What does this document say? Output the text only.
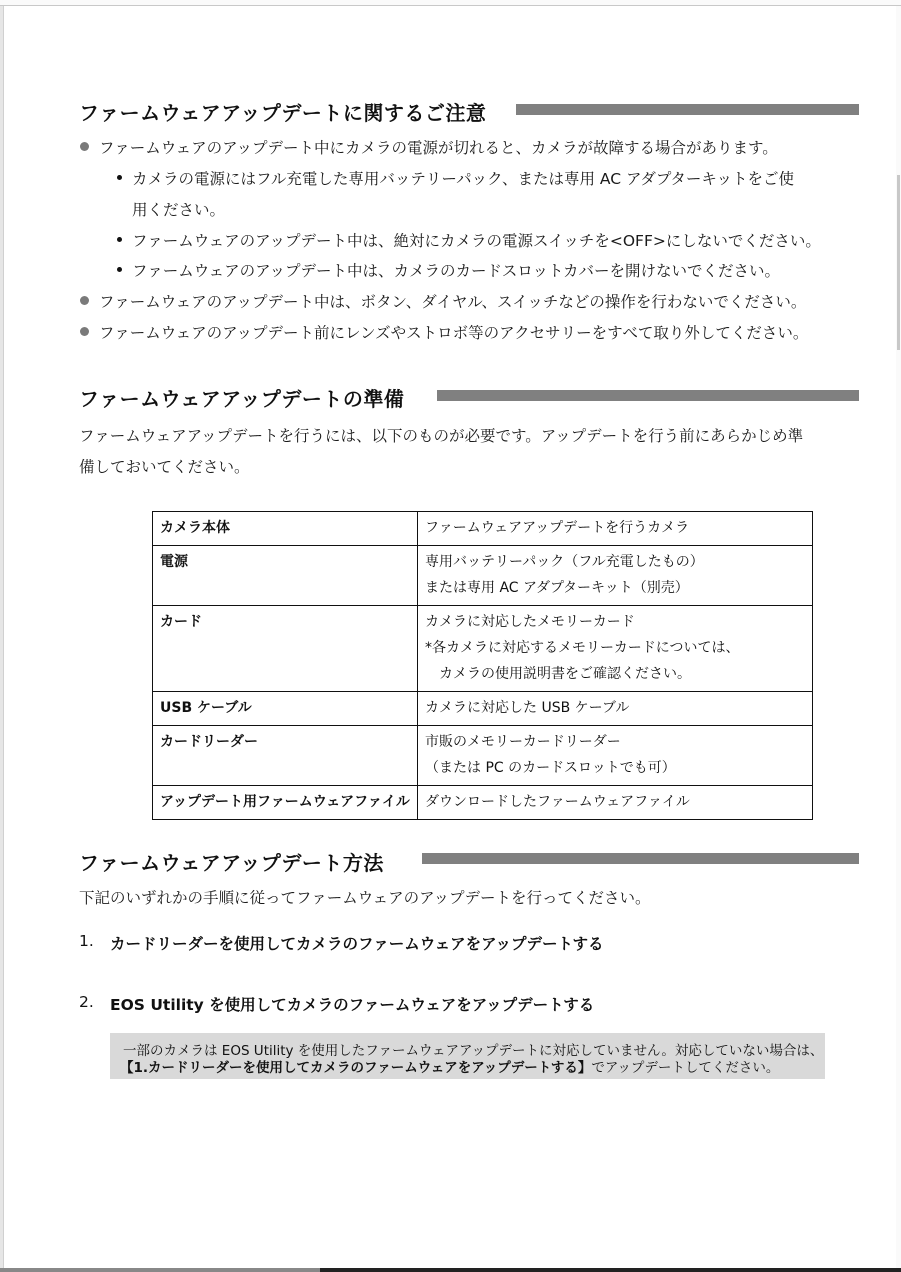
ファームウェアアップデートに関するご注意
ファームウェアのアップデート中にカメラの電源が切れると、カメラが故障する場合があります。
カメラの電源にはフル充電した専用バッテリーパック、または専用 AC アダプターキットをご使
用ください。
ファームウェアのアップデート中は、絶対にカメラの電源スイッチを<OFF>にしないでください。
ファームウェアのアップデート中は、カメラのカードスロットカバーを開けないでください。
ファームウェアのアップデート中は、ボタン、ダイヤル、スイッチなどの操作を行わないでください。
ファームウェアのアップデート前にレンズやストロボ等のアクセサリーをすべて取り外してください。
ファームウェアアップデートの準備
ファームウェアアップデートを行うには、以下のものが必要です。アップデートを行う前にあらかじめ準
備しておいてください。
カメラ本体	ファームウェアアップデートを行うカメラ

電源	専用バッテリーパック（フル充電したもの）
または専用 AC アダプターキット（別売）

カード	カメラに対応したメモリーカード
*各カメラに対応するメモリーカードについては、
　カメラの使用説明書をご確認ください。

USB ケーブル	カメラに対応した USB ケーブル

カードリーダー	市販のメモリーカードリーダー
（または PC のカードスロットでも可）

アップデート用ファームウェアファイル	ダウンロードしたファームウェアファイル
ファームウェアアップデート方法
下記のいずれかの手順に従ってファームウェアのアップデートを行ってください。
1. カードリーダーを使用してカメラのファームウェアをアップデートする
2. EOS Utility を使用してカメラのファームウェアをアップデートする
一部のカメラは EOS Utility を使用したファームウェアアップデートに対応していません。対応していない場合は、
【1.カードリーダーを使用してカメラのファームウェアをアップデートする】でアップデートしてください。
